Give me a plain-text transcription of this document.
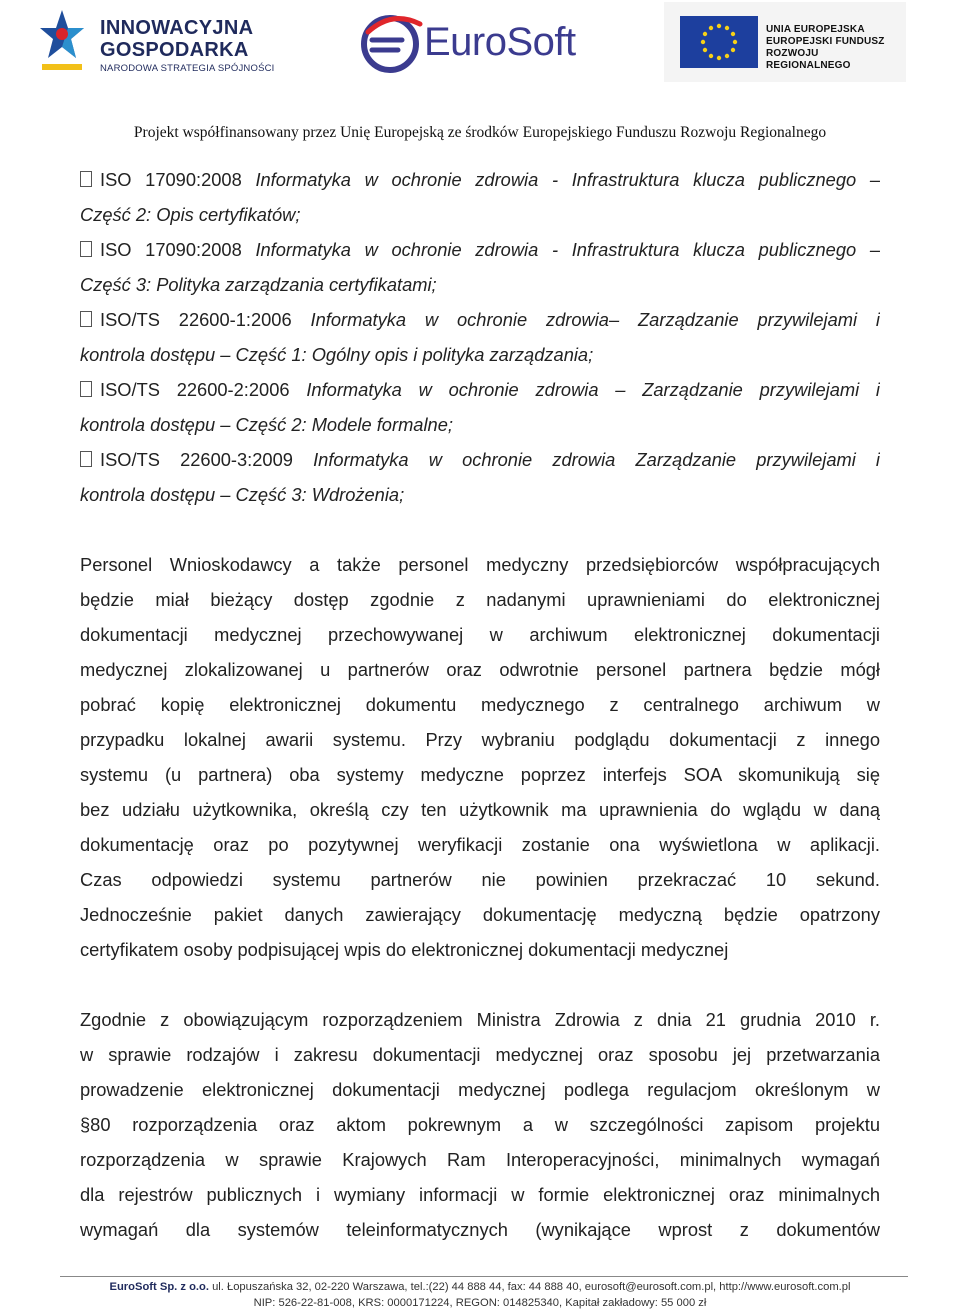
INNOWACYJNA
GOSPODARKA
NARODOWA STRATEGIA SPÓJNOŚCI
EuroSoft	UNIA EUROPEJSKA
EUROPEJSKI FUNDUSZ
ROZWOJU REGIONALNEGO
Projekt współfinansowany przez Unię Europejską ze środków Europejskiego Funduszu Rozwoju Regionalnego
ISO 17090:2008 Informatyka w ochronie zdrowia - Infrastruktura klucza publicznego –
Część 2: Opis certyfikatów;
ISO 17090:2008 Informatyka w ochronie zdrowia - Infrastruktura klucza publicznego –
Część 3: Polityka zarządzania certyfikatami;
ISO/TS 22600-1:2006 Informatyka w ochronie zdrowia– Zarządzanie przywilejami i
kontrola dostępu – Część 1: Ogólny opis i polityka zarządzania;
ISO/TS 22600-2:2006 Informatyka w ochronie zdrowia – Zarządzanie przywilejami i
kontrola dostępu – Część 2: Modele formalne;
ISO/TS 22600-3:2009 Informatyka w ochronie zdrowia Zarządzanie przywilejami i
kontrola dostępu – Część 3: Wdrożenia;
Personel Wnioskodawcy a także personel medyczny przedsiębiorców współpracujących
będzie miał bieżący dostęp zgodnie z nadanymi uprawnieniami do elektronicznej
dokumentacji medycznej przechowywanej w archiwum elektronicznej dokumentacji
medycznej zlokalizowanej u partnerów oraz odwrotnie personel partnera będzie mógł
pobrać kopię elektronicznej dokumentu medycznego z centralnego archiwum w
przypadku lokalnej awarii systemu. Przy wybraniu podglądu dokumentacji z innego
systemu (u partnera) oba systemy medyczne poprzez interfejs SOA skomunikują się
bez udziału użytkownika, określą czy ten użytkownik ma uprawnienia do wglądu w daną
dokumentację oraz po pozytywnej weryfikacji zostanie ona wyświetlona w aplikacji.
Czas odpowiedzi systemu partnerów nie powinien przekraczać 10 sekund.
Jednocześnie pakiet danych zawierający dokumentację medyczną będzie opatrzony
certyfikatem osoby podpisującej wpis do elektronicznej dokumentacji medycznej
Zgodnie z obowiązującym rozporządzeniem Ministra Zdrowia z dnia 21 grudnia 2010 r.
w sprawie rodzajów i zakresu dokumentacji medycznej oraz sposobu jej przetwarzania
prowadzenie elektronicznej dokumentacji medycznej podlega regulacjom określonym w
§80 rozporządzenia oraz aktom pokrewnym a w szczególności zapisom projektu
rozporządzenia w sprawie Krajowych Ram Interoperacyjności, minimalnych wymagań
dla rejestrów publicznych i wymiany informacji w formie elektronicznej oraz minimalnych
wymagań dla systemów teleinformatycznych (wynikające wprost z dokumentów
EuroSoft Sp. z o.o. ul. Łopuszańska 32, 02-220 Warszawa, tel.:(22) 44 888 44, fax: 44 888 40, eurosoft@eurosoft.com.pl, http://www.eurosoft.com.pl
NIP: 526-22-81-008, KRS: 0000171224, REGON: 014825340, Kapitał zakładowy: 55 000 zł
